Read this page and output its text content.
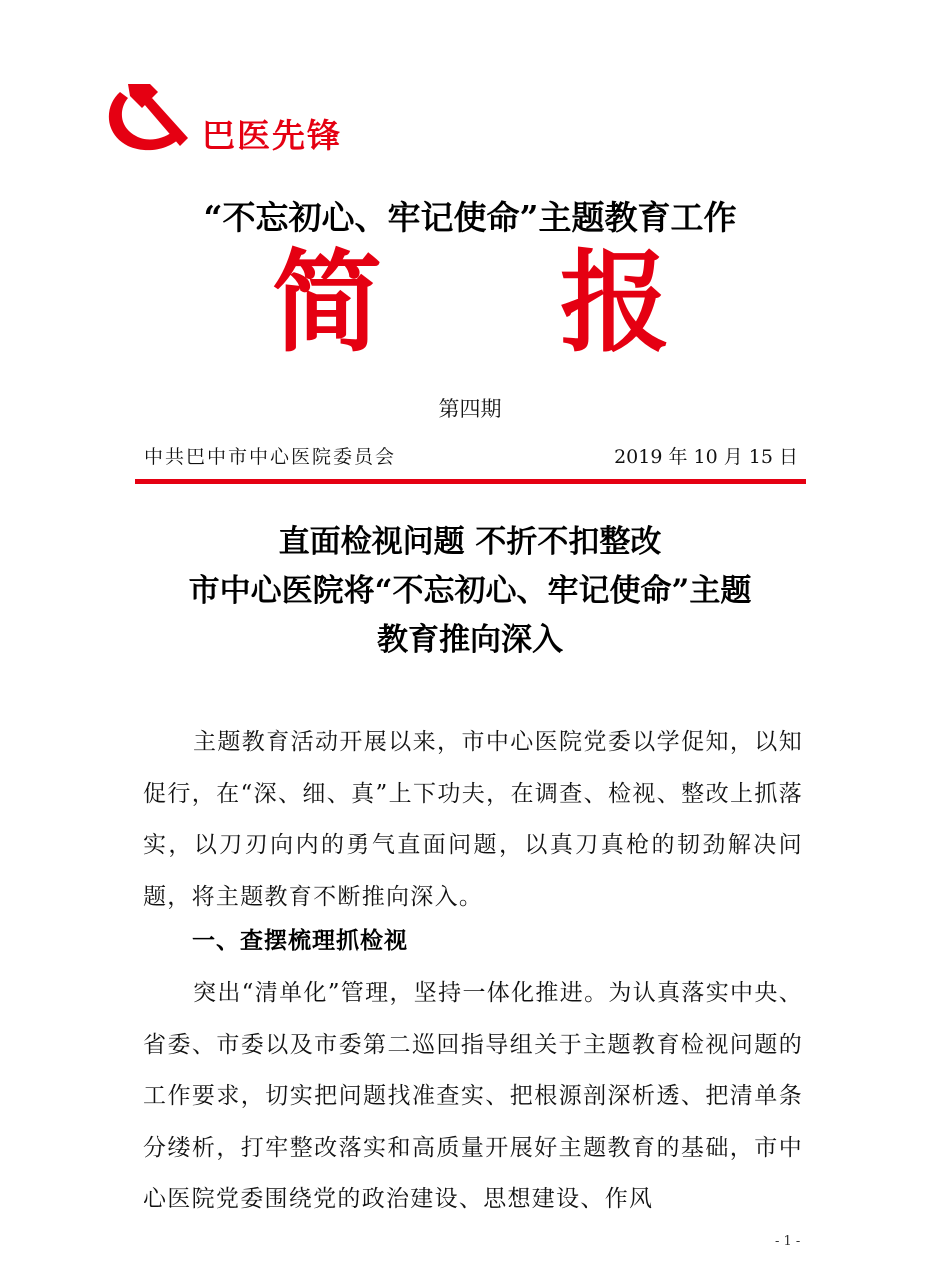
巴医先锋
“不忘初心、牢记使命”主题教育工作
简 报
第四期
中共巴中市中心医院委员会	2019 年 10 月 15 日
直面检视问题 不折不扣整改
市中心医院将“不忘初心、牢记使命”主题
教育推向深入

主题教育活动开展以来，市中心医院党委以学促知，以知促行，在“深、细、真”上下功夫，在调查、检视、整改上抓落实，以刀刃向内的勇气直面问题，以真刀真枪的韧劲解决问题，将主题教育不断推向深入。

一、查摆梳理抓检视

突出“清单化”管理，坚持一体化推进。为认真落实中央、省委、市委以及市委第二巡回指导组关于主题教育检视问题的工作要求，切实把问题找准查实、把根源剖深析透、把清单条分缕析，打牢整改落实和高质量开展好主题教育的基础，市中心医院党委围绕党的政治建设、思想建设、作风

- 1 -
